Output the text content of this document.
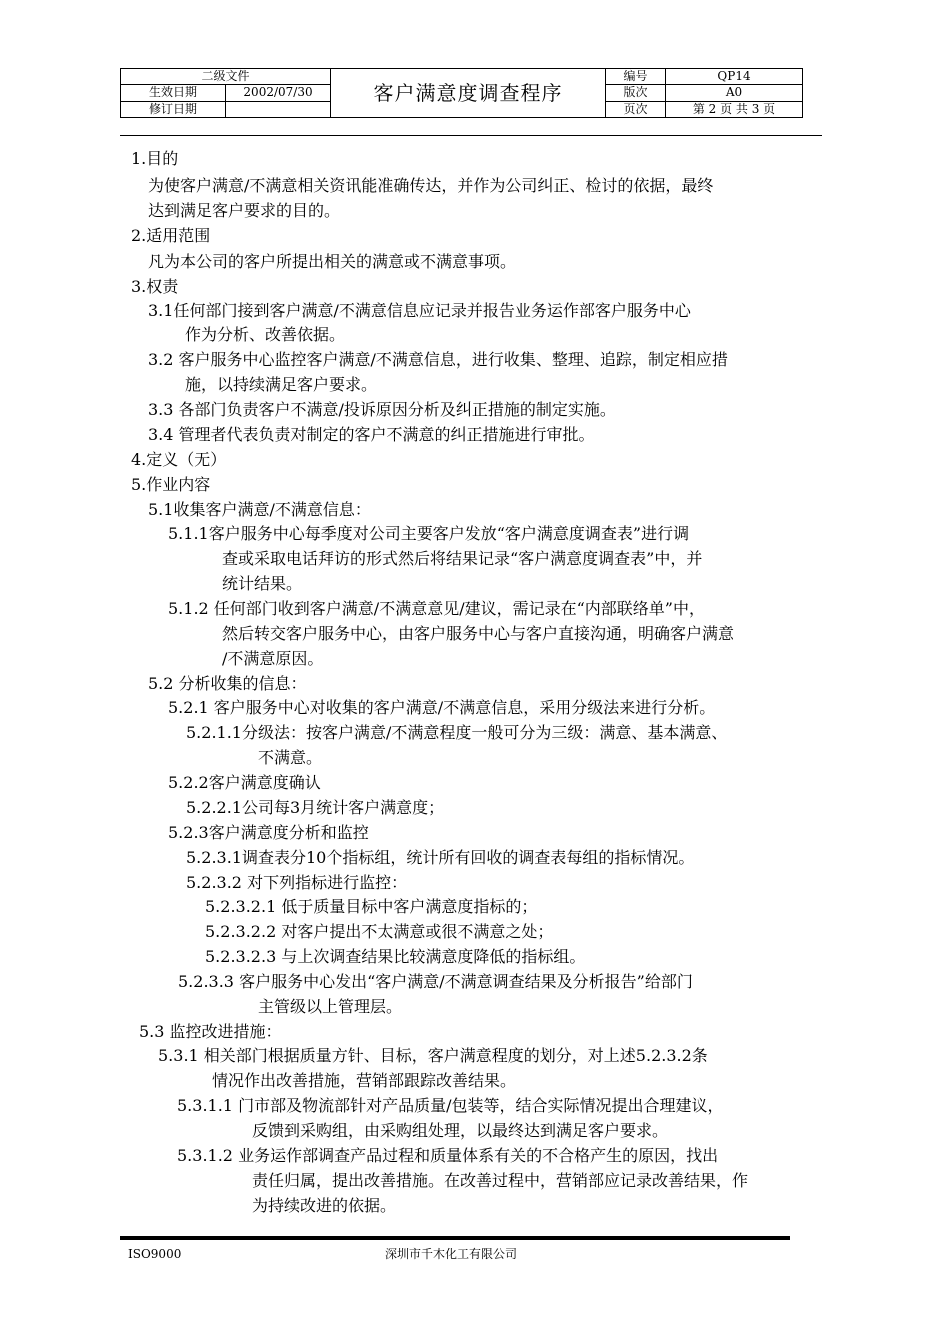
二级文件		客户满意度调查程序	编号	QP14
生效日期	2002/07/30		版次	A0
修订日期			页次	第 2 页 共 3 页
1.目的
为使客户满意/不满意相关资讯能准确传达，并作为公司纠正、检讨的依据，最终
达到满足客户要求的目的。
2.适用范围
凡为本公司的客户所提出相关的满意或不满意事项。
3.权责
3.1任何部门接到客户满意/不满意信息应记录并报告业务运作部客户服务中心
作为分析、改善依据。
3.2 客户服务中心监控客户满意/不满意信息，进行收集、整理、追踪，制定相应措
施，以持续满足客户要求。
3.3 各部门负责客户不满意/投诉原因分析及纠正措施的制定实施。
3.4 管理者代表负责对制定的客户不满意的纠正措施进行审批。
4.定义（无）
5.作业内容
5.1收集客户满意/不满意信息：
5.1.1客户服务中心每季度对公司主要客户发放“客户满意度调查表”进行调
查或采取电话拜访的形式然后将结果记录“客户满意度调查表”中，并
统计结果。
5.1.2 任何部门收到客户满意/不满意意见/建议，需记录在“内部联络单”中，
然后转交客户服务中心，由客户服务中心与客户直接沟通，明确客户满意
/不满意原因。
5.2 分析收集的信息：
5.2.1 客户服务中心对收集的客户满意/不满意信息，采用分级法来进行分析。
5.2.1.1分级法：按客户满意/不满意程度一般可分为三级：满意、基本满意、
不满意。
5.2.2客户满意度确认
5.2.2.1公司每3月统计客户满意度；
5.2.3客户满意度分析和监控
5.2.3.1调查表分10个指标组，统计所有回收的调查表每组的指标情况。
5.2.3.2 对下列指标进行监控：
5.2.3.2.1 低于质量目标中客户满意度指标的；
5.2.3.2.2 对客户提出不太满意或很不满意之处；
5.2.3.2.3 与上次调查结果比较满意度降低的指标组。
5.2.3.3 客户服务中心发出“客户满意/不满意调查结果及分析报告”给部门
主管级以上管理层。
5.3 监控改进措施：
5.3.1 相关部门根据质量方针、目标，客户满意程度的划分，对上述5.2.3.2条
情况作出改善措施，营销部跟踪改善结果。
5.3.1.1 门市部及物流部针对产品质量/包装等，结合实际情况提出合理建议，
反馈到采购组，由采购组处理，以最终达到满足客户要求。
5.3.1.2 业务运作部调查产品过程和质量体系有关的不合格产生的原因，找出
责任归属，提出改善措施。在改善过程中，营销部应记录改善结果，作
为持续改进的依据。
ISO9000	深圳市千木化工有限公司
